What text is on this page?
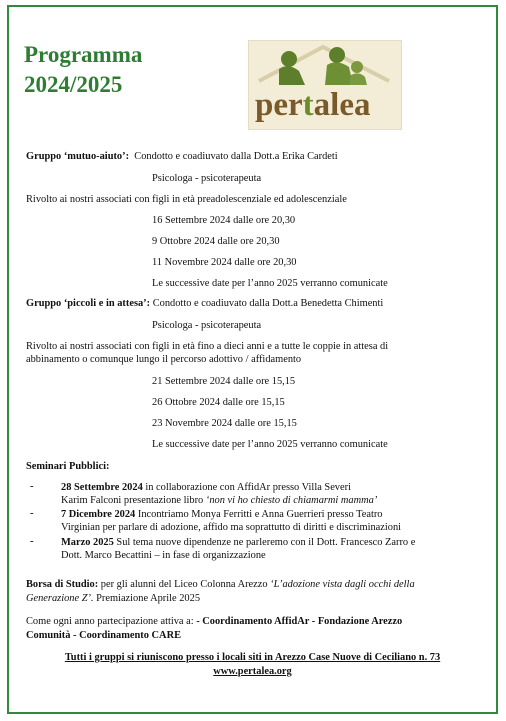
Programma
2024/2025
pertalea
Gruppo ‘mutuo-aiuto’: Condotto e coadiuvato dalla Dott.a Erika Cardeti
Psicologa - psicoterapeuta
Rivolto ai nostri associati con figli in età preadolescenziale ed adolescenziale
16 Settembre 2024 dalle ore 20,30
9 Ottobre 2024 dalle ore 20,30
11 Novembre 2024 dalle ore 20,30
Le successive date per l’anno 2025 verranno comunicate
Gruppo ‘piccoli e in attesa’: Condotto e coadiuvato dalla Dott.a Benedetta Chimenti
Psicologa - psicoterapeuta
Rivolto ai nostri associati con figli in età fino a dieci anni e a tutte le coppie in attesa di
abbinamento o comunque lungo il percorso adottivo / affidamento
21 Settembre 2024 dalle ore 15,15
26 Ottobre 2024 dalle ore 15,15
23 Novembre 2024 dalle ore 15,15
Le successive date per l’anno 2025 verranno comunicate
Seminari Pubblici:
-	28 Settembre 2024 in collaborazione con AffidAr presso Villa Severi
Karim Falconi presentazione libro ‘non vi ho chiesto di chiamarmi mamma’
-	7 Dicembre 2024 Incontriamo Monya Ferritti e Anna Guerrieri presso Teatro
Virginian per parlare di adozione, affido ma soprattutto di diritti e discriminazioni
-	Marzo 2025 Sul tema nuove dipendenze ne parleremo con il Dott. Francesco Zarro e
Dott. Marco Becattini – in fase di organizzazione
Borsa di Studio: per gli alunni del Liceo Colonna Arezzo ‘L’adozione vista dagli occhi della
Generazione Z’. Premiazione Aprile 2025
Come ogni anno partecipazione attiva a: - Coordinamento AffidAr - Fondazione Arezzo
Comunità - Coordinamento CARE
Tutti i gruppi si riuniscono presso i locali siti in Arezzo Case Nuove di Ceciliano n. 73
www.pertalea.org
